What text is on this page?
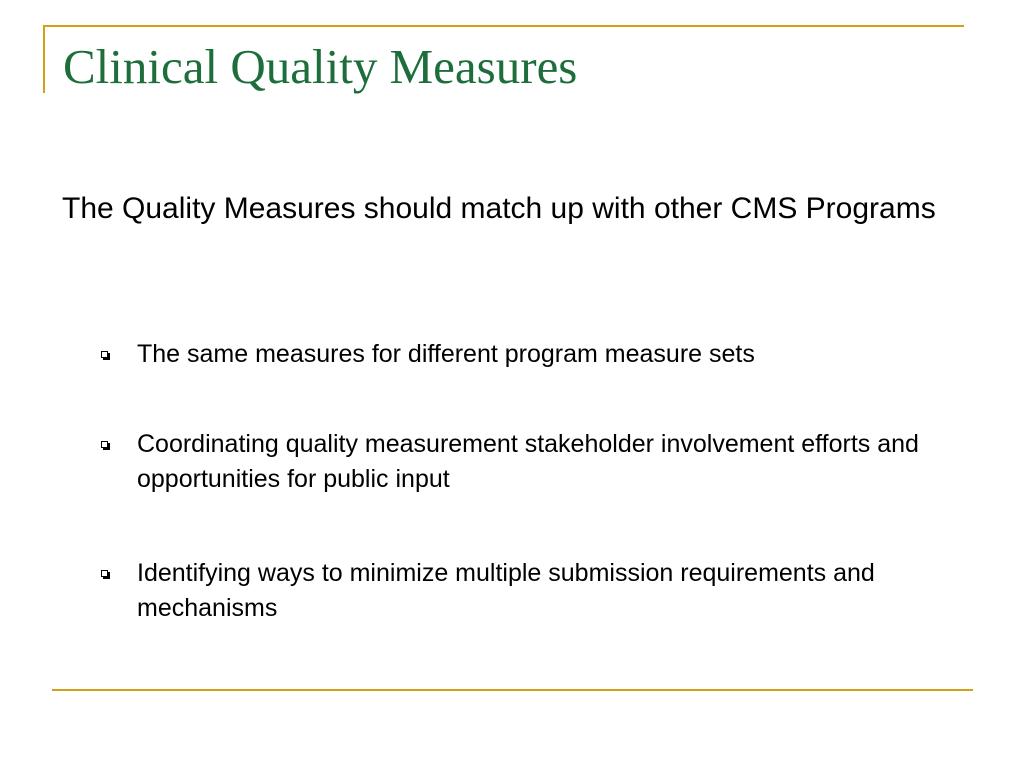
Clinical Quality Measures

The Quality Measures should match up with other CMS Programs

The same measures for different program measure sets
Coordinating quality measurement stakeholder involvement efforts and opportunities for public input
Identifying ways to minimize multiple submission requirements and mechanisms
